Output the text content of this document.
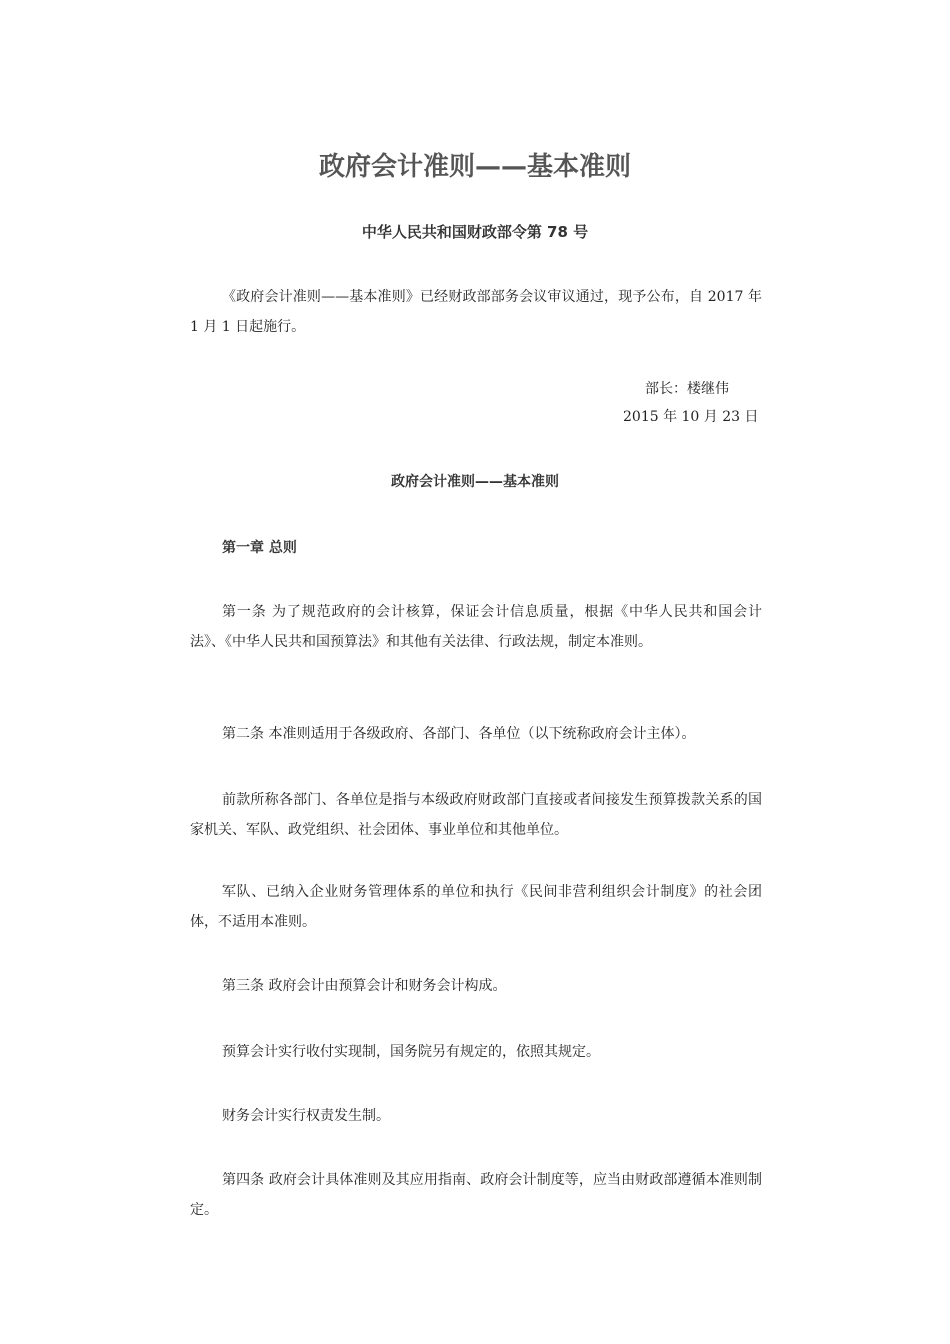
政府会计准则——基本准则
中华人民共和国财政部令第 78 号

《政府会计准则——基本准则》已经财政部部务会议审议通过，现予公布，自 2017 年 1 月 1 日起施行。

部长：楼继伟
2015 年 10 月 23 日
政府会计准则——基本准则
第一章 总则

第一条 为了规范政府的会计核算，保证会计信息质量，根据《中华人民共和国会计法》、《中华人民共和国预算法》和其他有关法律、行政法规，制定本准则。

第二条 本准则适用于各级政府、各部门、各单位（以下统称政府会计主体）。

前款所称各部门、各单位是指与本级政府财政部门直接或者间接发生预算拨款关系的国家机关、军队、政党组织、社会团体、事业单位和其他单位。

军队、已纳入企业财务管理体系的单位和执行《民间非营利组织会计制度》的社会团体，不适用本准则。

第三条 政府会计由预算会计和财务会计构成。

预算会计实行收付实现制，国务院另有规定的，依照其规定。

财务会计实行权责发生制。

第四条 政府会计具体准则及其应用指南、政府会计制度等，应当由财政部遵循本准则制定。
